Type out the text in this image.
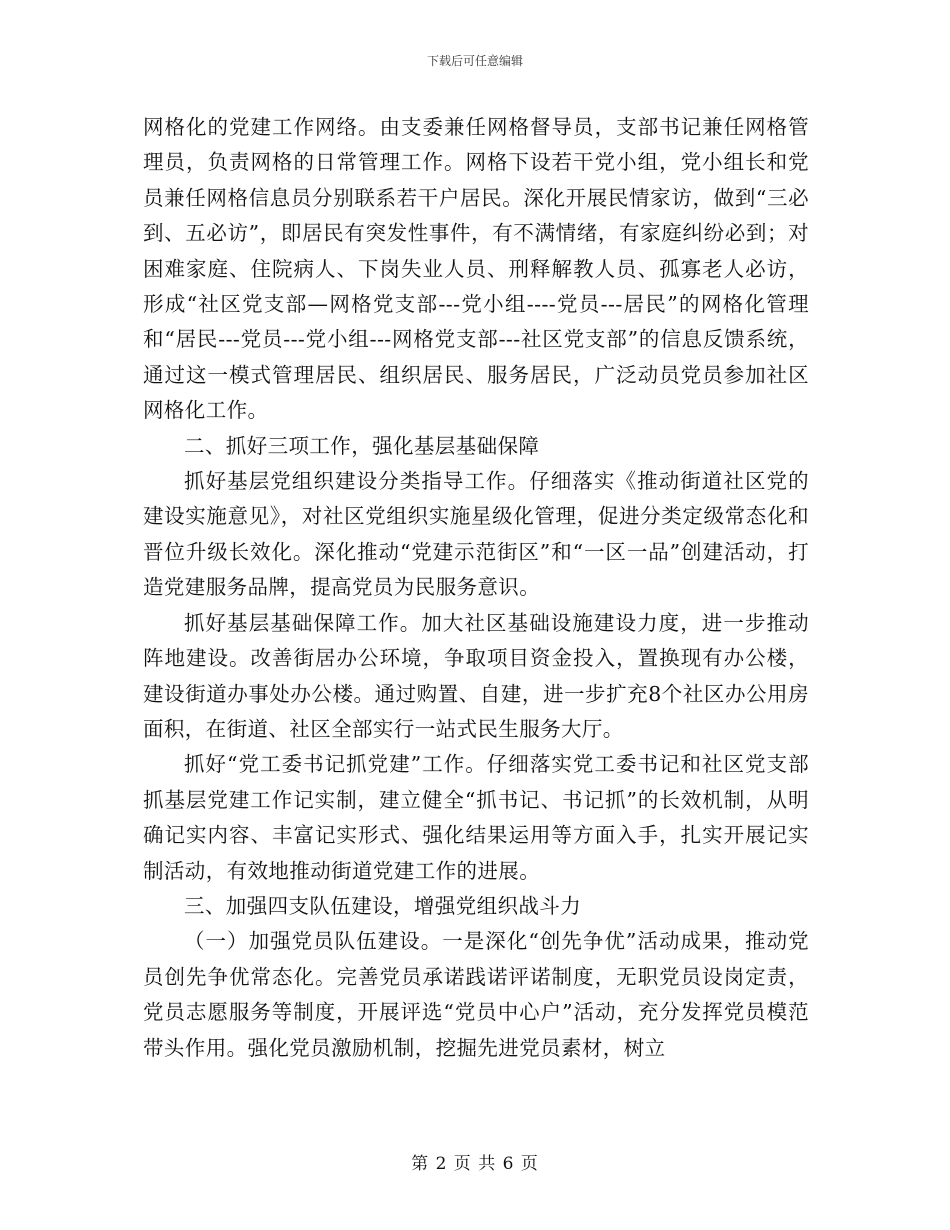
下载后可任意编辑

网格化的党建工作网络。由支委兼任网格督导员，支部书记兼任网格管理员，负责网格的日常管理工作。网格下设若干党小组，党小组长和党员兼任网格信息员分别联系若干户居民。深化开展民情家访，做到“三必到、五必访”，即居民有突发性事件，有不满情绪，有家庭纠纷必到；对困难家庭、住院病人、下岗失业人员、刑释解教人员、孤寡老人必访，形成“社区党支部—网格党支部---党小组----党员---居民”的网格化管理和“居民---党员---党小组---网格党支部---社区党支部”的信息反馈系统，通过这一模式管理居民、组织居民、服务居民，广泛动员党员参加社区网格化工作。

二、抓好三项工作，强化基层基础保障

抓好基层党组织建设分类指导工作。仔细落实《推动街道社区党的建设实施意见》，对社区党组织实施星级化管理，促进分类定级常态化和晋位升级长效化。深化推动“党建示范街区”和“一区一品”创建活动，打造党建服务品牌，提高党员为民服务意识。

抓好基层基础保障工作。加大社区基础设施建设力度，进一步推动阵地建设。改善街居办公环境，争取项目资金投入，置换现有办公楼，建设街道办事处办公楼。通过购置、自建，进一步扩充8个社区办公用房面积，在街道、社区全部实行一站式民生服务大厅。

抓好“党工委书记抓党建”工作。仔细落实党工委书记和社区党支部抓基层党建工作记实制，建立健全“抓书记、书记抓”的长效机制，从明确记实内容、丰富记实形式、强化结果运用等方面入手，扎实开展记实制活动，有效地推动街道党建工作的进展。

三、加强四支队伍建设，增强党组织战斗力

（一）加强党员队伍建设。一是深化“创先争优”活动成果，推动党员创先争优常态化。完善党员承诺践诺评诺制度，无职党员设岗定责，党员志愿服务等制度，开展评选“党员中心户”活动，充分发挥党员模范带头作用。强化党员激励机制，挖掘先进党员素材，树立

第 2 页 共 6 页
